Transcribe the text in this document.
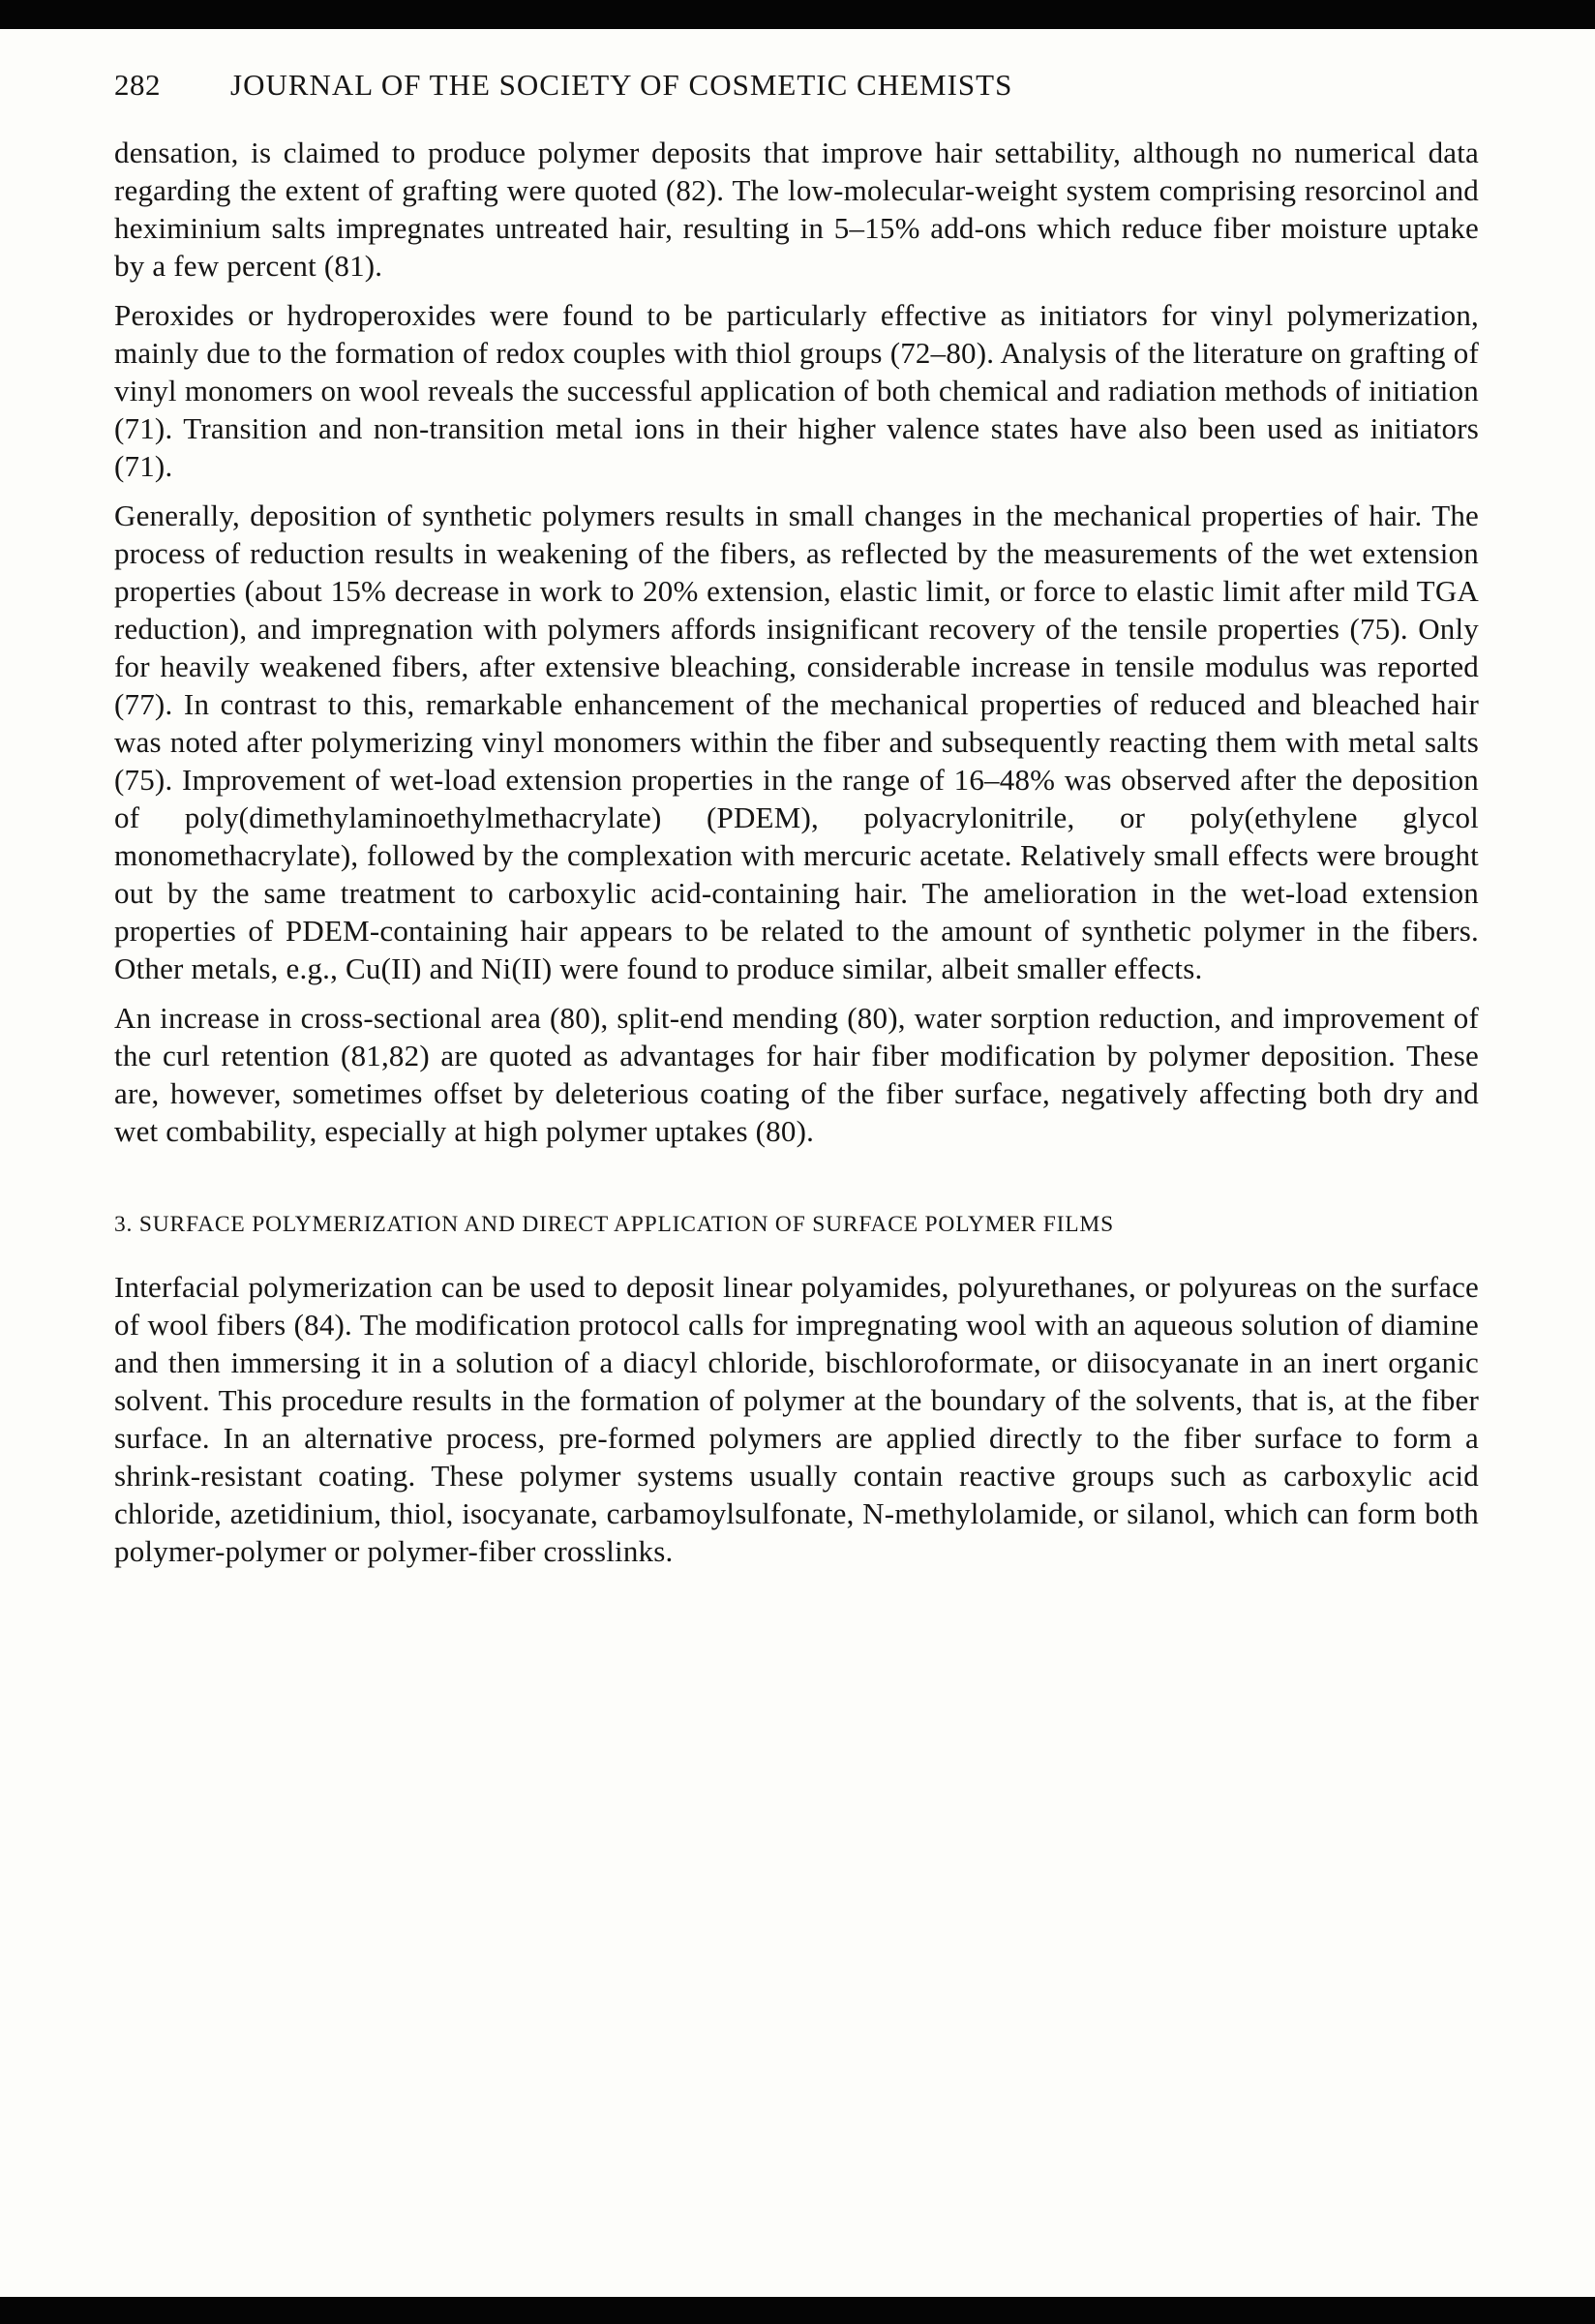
282	JOURNAL OF THE SOCIETY OF COSMETIC CHEMISTS

densation, is claimed to produce polymer deposits that improve hair settability, although no numerical data regarding the extent of grafting were quoted (82). The low-molecular-weight system comprising resorcinol and heximinium salts impregnates untreated hair, resulting in 5–15% add-ons which reduce fiber moisture uptake by a few percent (81).

Peroxides or hydroperoxides were found to be particularly effective as initiators for vinyl polymerization, mainly due to the formation of redox couples with thiol groups (72–80). Analysis of the literature on grafting of vinyl monomers on wool reveals the successful application of both chemical and radiation methods of initiation (71). Transition and non-transition metal ions in their higher valence states have also been used as initiators (71).

Generally, deposition of synthetic polymers results in small changes in the mechanical properties of hair. The process of reduction results in weakening of the fibers, as reflected by the measurements of the wet extension properties (about 15% decrease in work to 20% extension, elastic limit, or force to elastic limit after mild TGA reduction), and impregnation with polymers affords insignificant recovery of the tensile properties (75). Only for heavily weakened fibers, after extensive bleaching, considerable increase in tensile modulus was reported (77). In contrast to this, remarkable enhancement of the mechanical properties of reduced and bleached hair was noted after polymerizing vinyl monomers within the fiber and subsequently reacting them with metal salts (75). Improvement of wet-load extension properties in the range of 16–48% was observed after the deposition of poly(dimethylaminoethylmethacrylate) (PDEM), polyacrylonitrile, or poly(ethylene glycol monomethacrylate), followed by the complexation with mercuric acetate. Relatively small effects were brought out by the same treatment to carboxylic acid-containing hair. The amelioration in the wet-load extension properties of PDEM-containing hair appears to be related to the amount of synthetic polymer in the fibers. Other metals, e.g., Cu(II) and Ni(II) were found to produce similar, albeit smaller effects.

An increase in cross-sectional area (80), split-end mending (80), water sorption reduction, and improvement of the curl retention (81,82) are quoted as advantages for hair fiber modification by polymer deposition. These are, however, sometimes offset by deleterious coating of the fiber surface, negatively affecting both dry and wet combability, especially at high polymer uptakes (80).

3. SURFACE POLYMERIZATION AND DIRECT APPLICATION OF SURFACE POLYMER FILMS

Interfacial polymerization can be used to deposit linear polyamides, polyurethanes, or polyureas on the surface of wool fibers (84). The modification protocol calls for impregnating wool with an aqueous solution of diamine and then immersing it in a solution of a diacyl chloride, bischloroformate, or diisocyanate in an inert organic solvent. This procedure results in the formation of polymer at the boundary of the solvents, that is, at the fiber surface. In an alternative process, pre-formed polymers are applied directly to the fiber surface to form a shrink-resistant coating. These polymer systems usually contain reactive groups such as carboxylic acid chloride, azetidinium, thiol, isocyanate, carbamoylsulfonate, N-methylolamide, or silanol, which can form both polymer-polymer or polymer-fiber crosslinks.
